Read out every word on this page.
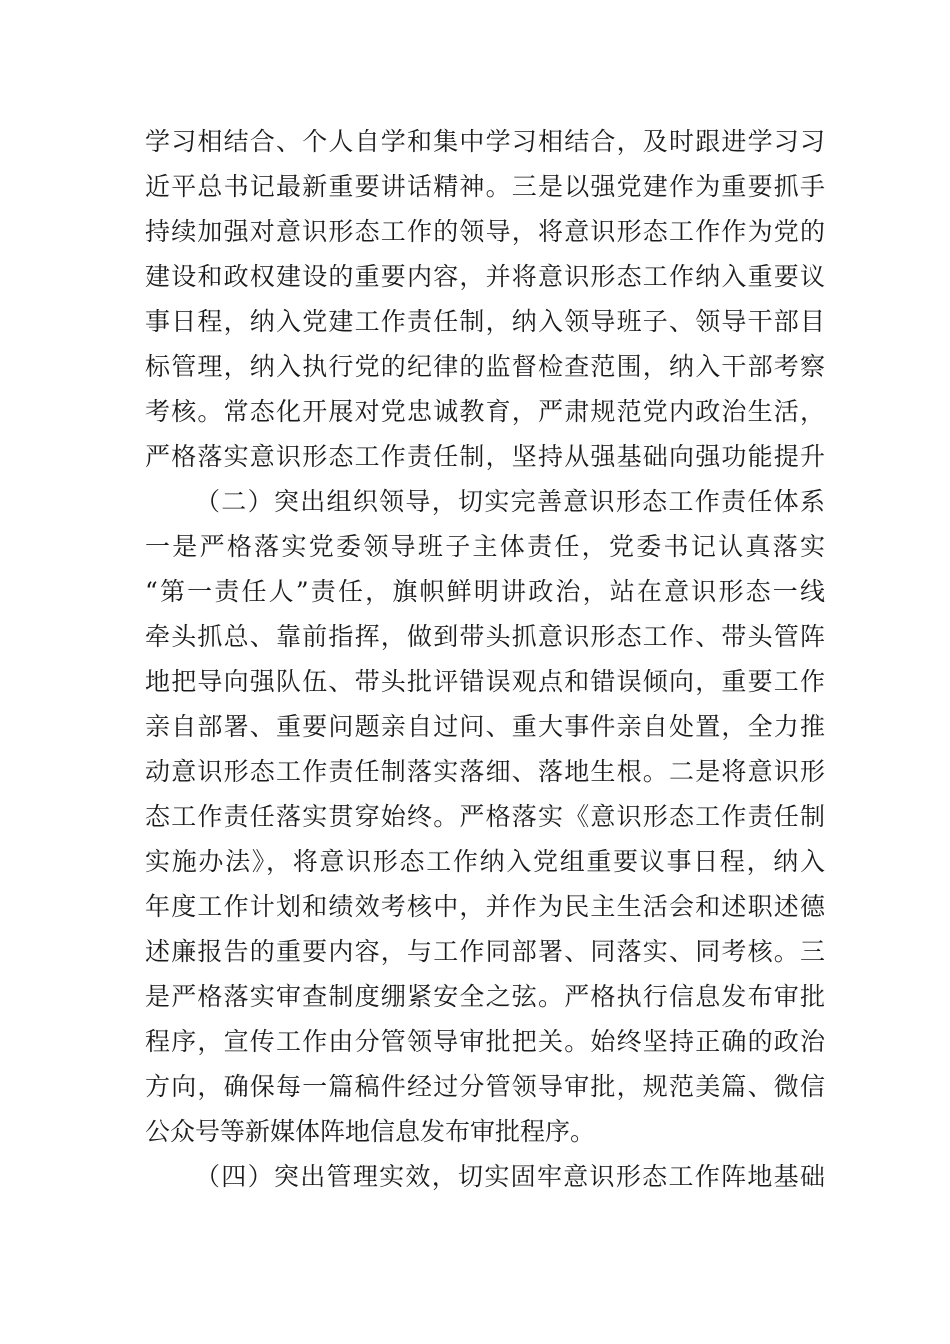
学习相结合、个人自学和集中学习相结合，及时跟进学习习
近平总书记最新重要讲话精神。三是以强党建作为重要抓手
持续加强对意识形态工作的领导，将意识形态工作作为党的
建设和政权建设的重要内容，并将意识形态工作纳入重要议
事日程，纳入党建工作责任制，纳入领导班子、领导干部目
标管理，纳入执行党的纪律的监督检查范围，纳入干部考察
考核。常态化开展对党忠诚教育，严肃规范党内政治生活，
严格落实意识形态工作责任制，坚持从强基础向强功能提升
（二）突出组织领导，切实完善意识形态工作责任体系
一是严格落实党委领导班子主体责任，党委书记认真落实
“第一责任人”责任，旗帜鲜明讲政治，站在意识形态一线
牵头抓总、靠前指挥，做到带头抓意识形态工作、带头管阵
地把导向强队伍、带头批评错误观点和错误倾向，重要工作
亲自部署、重要问题亲自过问、重大事件亲自处置，全力推
动意识形态工作责任制落实落细、落地生根。二是将意识形
态工作责任落实贯穿始终。严格落实《意识形态工作责任制
实施办法》，将意识形态工作纳入党组重要议事日程，纳入
年度工作计划和绩效考核中，并作为民主生活会和述职述德
述廉报告的重要内容，与工作同部署、同落实、同考核。三
是严格落实审查制度绷紧安全之弦。严格执行信息发布审批
程序，宣传工作由分管领导审批把关。始终坚持正确的政治
方向，确保每一篇稿件经过分管领导审批，规范美篇、微信
公众号等新媒体阵地信息发布审批程序。
（四）突出管理实效，切实固牢意识形态工作阵地基础
